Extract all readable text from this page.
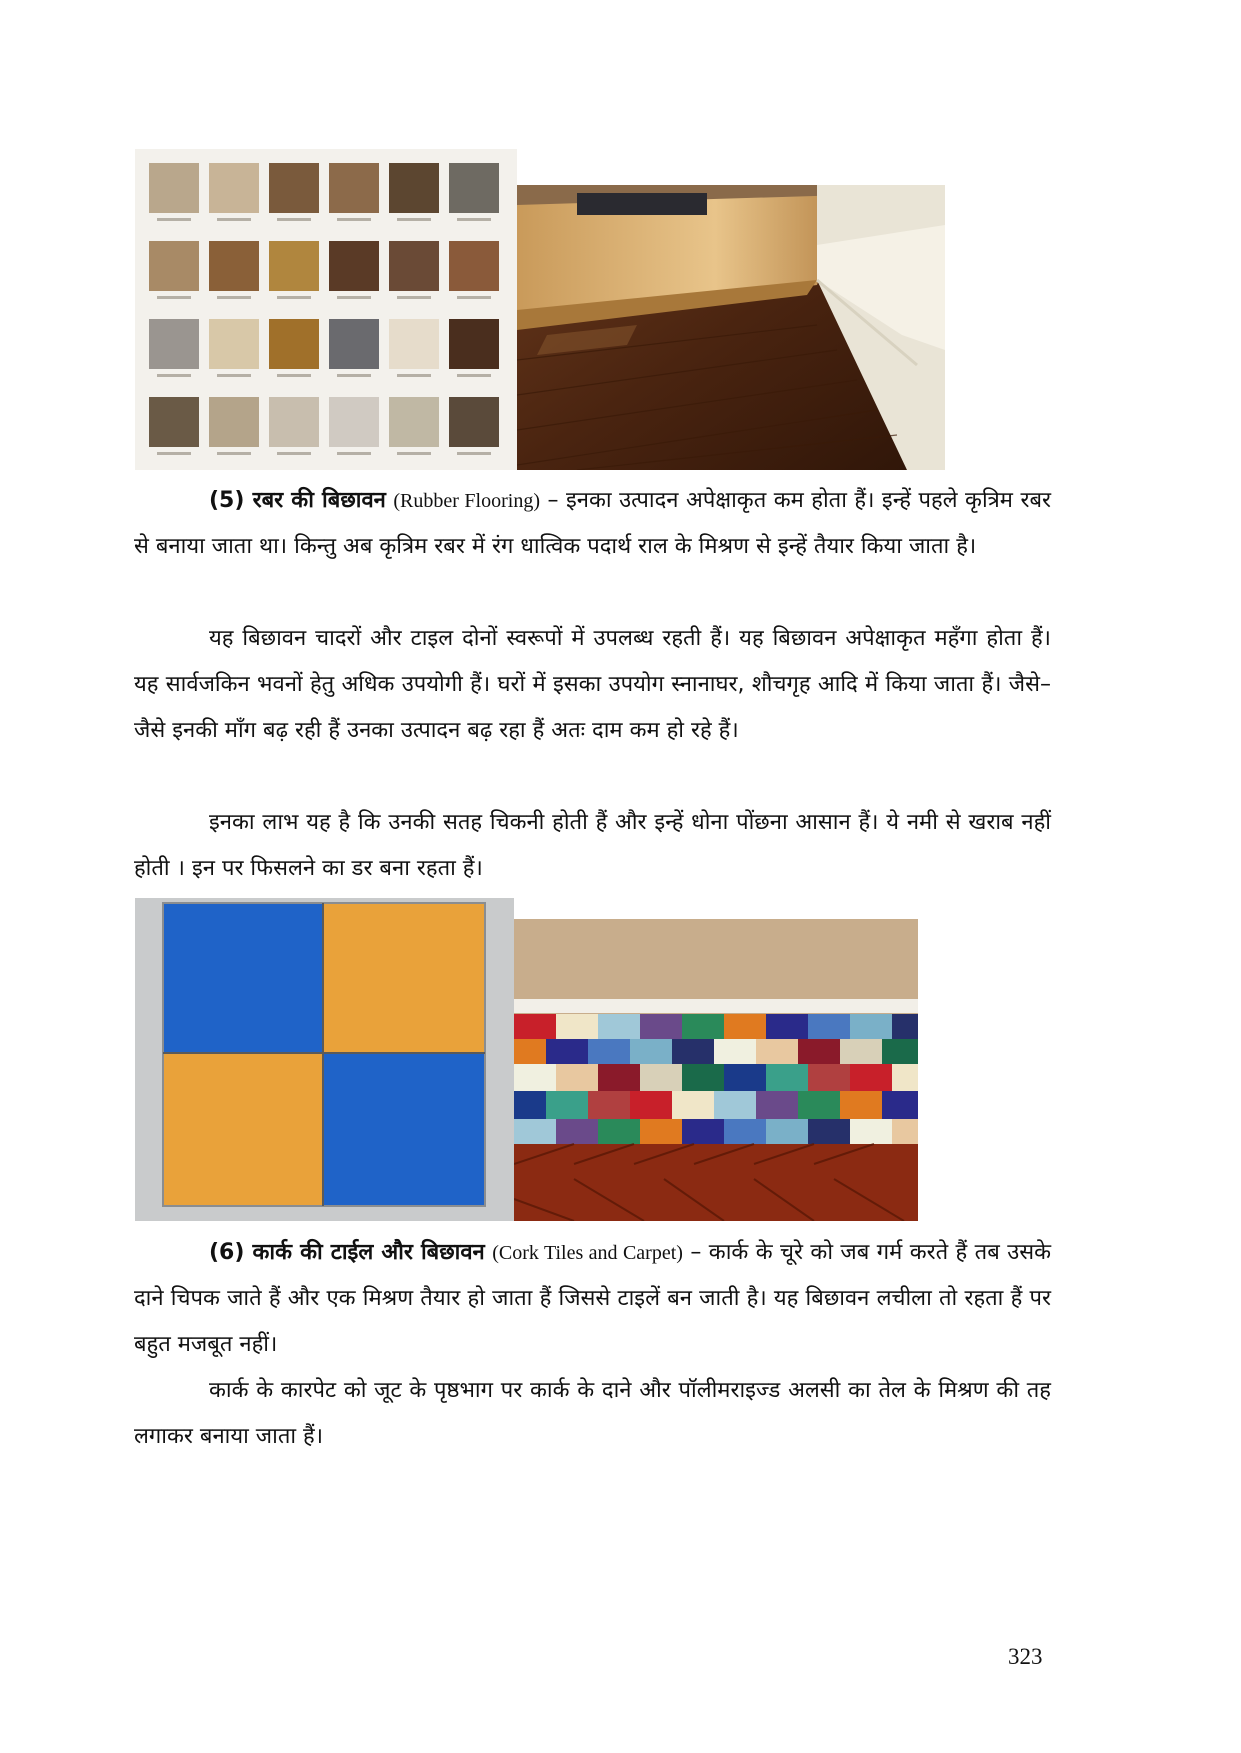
(5) रबर की बिछावन (Rubber Flooring) – इनका उत्पादन अपेक्षाकृत कम होता हैं। इन्हें पहले कृत्रिम रबर से बनाया जाता था। किन्तु अब कृत्रिम रबर में रंग धात्विक पदार्थ राल के मिश्रण से इन्हें तैयार किया जाता है।

यह बिछावन चादरों और टाइल दोनों स्वरूपों में उपलब्ध रहती हैं। यह बिछावन अपेक्षाकृत महँगा होता हैं। यह सार्वजकिन भवनों हेतु अधिक उपयोगी हैं। घरों में इसका उपयोग स्नानाघर, शौचगृह आदि में किया जाता हैं। जैसे–जैसे इनकी माँग बढ़ रही हैं उनका उत्पादन बढ़ रहा हैं अतः दाम कम हो रहे हैं।

इनका लाभ यह है कि उनकी सतह चिकनी होती हैं और इन्हें धोना पोंछना आसान हैं। ये नमी से खराब नहीं होती । इन पर फिसलने का डर बना रहता हैं।

(6) कार्क की टाईल और बिछावन (Cork Tiles and Carpet) – कार्क के चूरे को जब गर्म करते हैं तब उसके दाने चिपक जाते हैं और एक मिश्रण तैयार हो जाता हैं जिससे टाइलें बन जाती है। यह बिछावन लचीला तो रहता हैं पर बहुत मजबूत नहीं।

कार्क के कारपेट को जूट के पृष्ठभाग पर कार्क के दाने और पॉलीमराइज्ड अलसी का तेल के मिश्रण की तह लगाकर बनाया जाता हैं।

323
